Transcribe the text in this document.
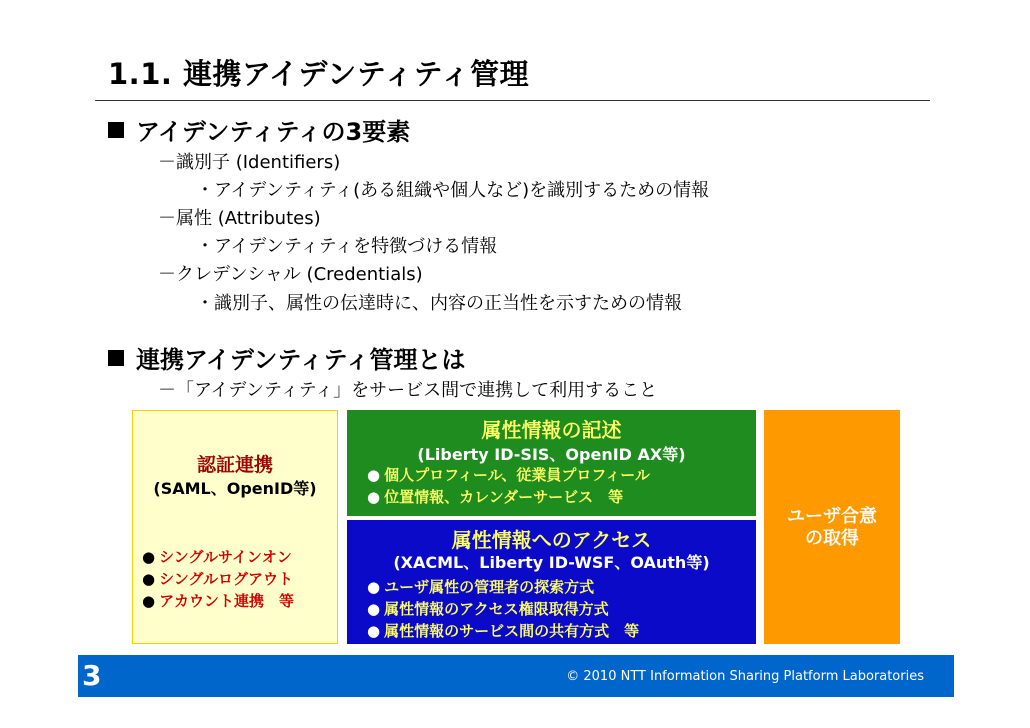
1.1. 連携アイデンティティ管理
アイデンティティの3要素
－識別子 (Identifiers)
・アイデンティティ(ある組織や個人など)を識別するための情報
－属性 (Attributes)
・アイデンティティを特徴づける情報
－クレデンシャル (Credentials)
・識別子、属性の伝達時に、内容の正当性を示すための情報
連携アイデンティティ管理とは
－「アイデンティティ」をサービス間で連携して利用すること
認証連携
(SAML、OpenID等)
● シングルサインオン
● シングルログアウト
● アカウント連携　等
属性情報の記述
(Liberty ID-SIS、OpenID AX等)
● 個人プロフィール、従業員プロフィール
● 位置情報、カレンダーサービス　等
属性情報へのアクセス
(XACML、Liberty ID-WSF、OAuth等)
● ユーザ属性の管理者の探索方式
● 属性情報のアクセス権限取得方式
● 属性情報のサービス間の共有方式　等
ユーザ合意
の取得
3	© 2010 NTT Information Sharing Platform Laboratories
